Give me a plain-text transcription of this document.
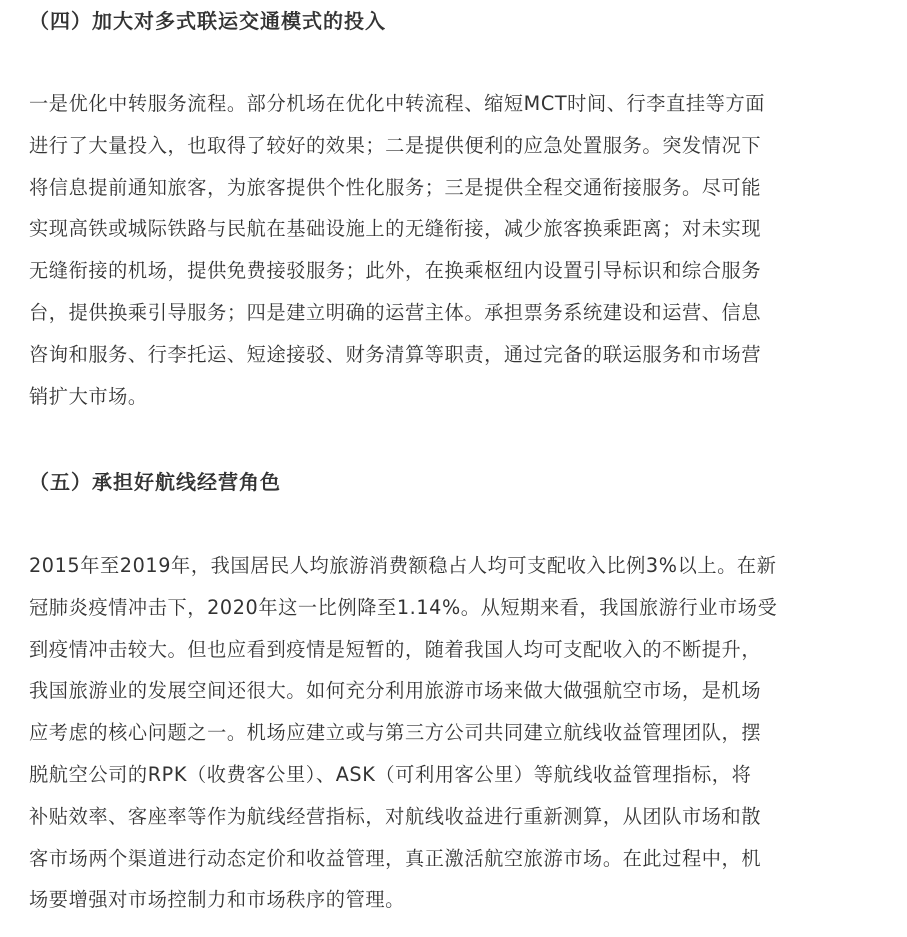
（四）加大对多式联运交通模式的投入
一是优化中转服务流程。部分机场在优化中转流程、缩短MCT时间、行李直挂等方面
进行了大量投入，也取得了较好的效果；二是提供便利的应急处置服务。突发情况下
将信息提前通知旅客，为旅客提供个性化服务；三是提供全程交通衔接服务。尽可能
实现高铁或城际铁路与民航在基础设施上的无缝衔接，减少旅客换乘距离；对未实现
无缝衔接的机场，提供免费接驳服务；此外，在换乘枢纽内设置引导标识和综合服务
台，提供换乘引导服务；四是建立明确的运营主体。承担票务系统建设和运营、信息
咨询和服务、行李托运、短途接驳、财务清算等职责，通过完备的联运服务和市场营
销扩大市场。
（五）承担好航线经营角色
2015年至2019年，我国居民人均旅游消费额稳占人均可支配收入比例3%以上。在新
冠肺炎疫情冲击下，2020年这一比例降至1.14%。从短期来看，我国旅游行业市场受
到疫情冲击较大。但也应看到疫情是短暂的，随着我国人均可支配收入的不断提升，
我国旅游业的发展空间还很大。如何充分利用旅游市场来做大做强航空市场，是机场
应考虑的核心问题之一。机场应建立或与第三方公司共同建立航线收益管理团队，摆
脱航空公司的RPK（收费客公里）、ASK（可利用客公里）等航线收益管理指标，将
补贴效率、客座率等作为航线经营指标，对航线收益进行重新测算，从团队市场和散
客市场两个渠道进行动态定价和收益管理，真正激活航空旅游市场。在此过程中，机
场要增强对市场控制力和市场秩序的管理。
